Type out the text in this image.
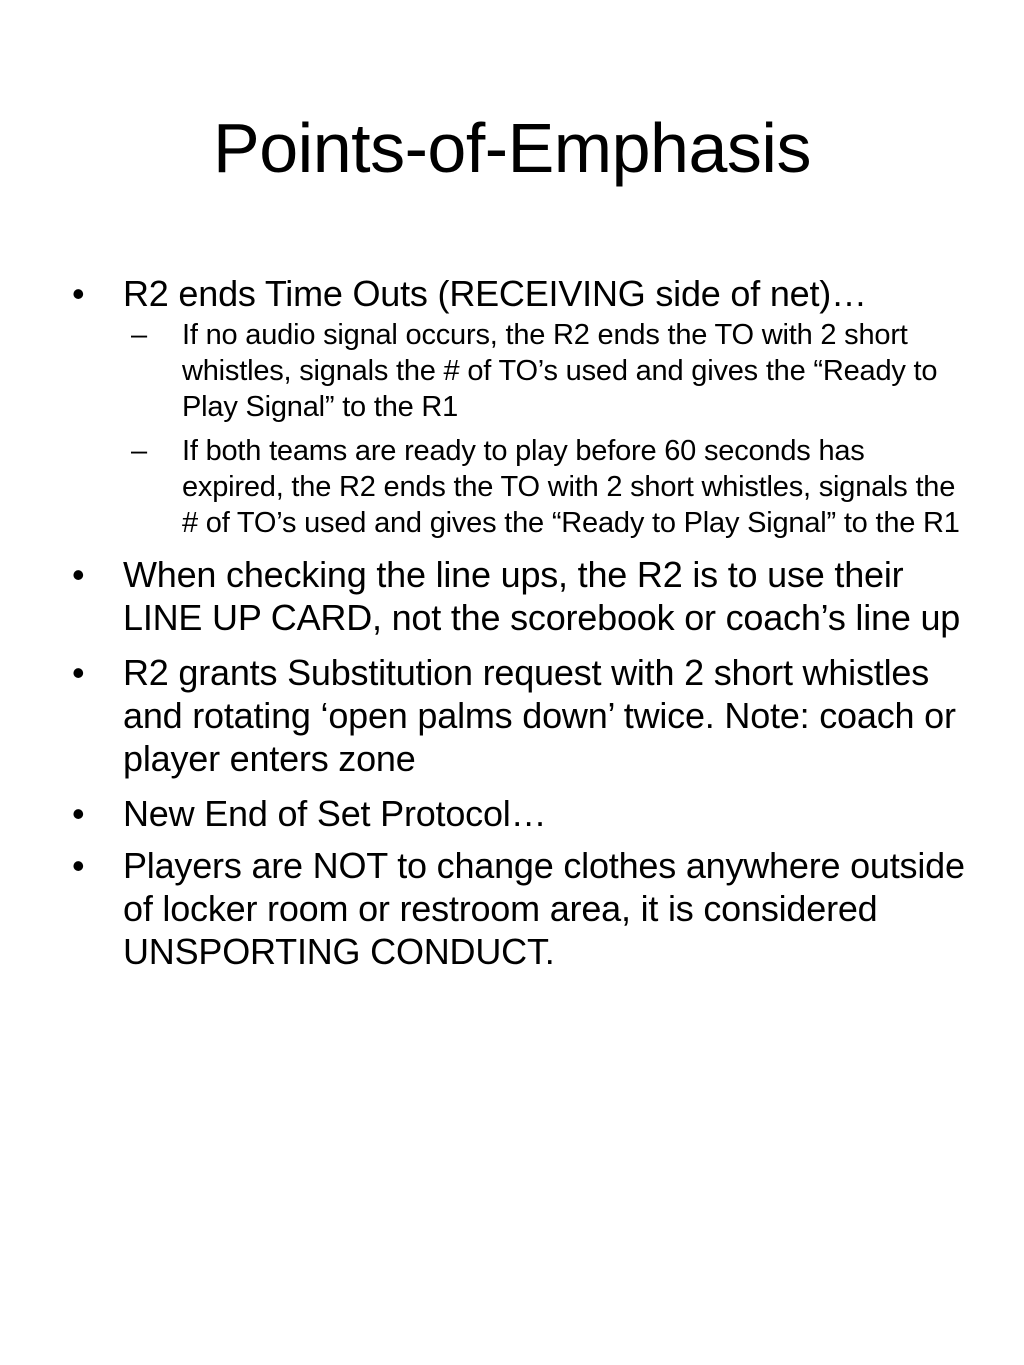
Points-of-Emphasis
•	R2 ends Time Outs (RECEIVING side of net)…
–	If no audio signal occurs, the R2 ends the TO with 2 short whistles, signals the # of TO’s used and gives the “Ready to Play Signal” to the R1
–	If both teams are ready to play before 60 seconds has expired, the R2 ends the TO with 2 short whistles, signals the # of TO’s used and gives the “Ready to Play Signal” to the R1
•	When checking the line ups, the R2 is to use their LINE UP CARD, not the scorebook or coach’s line up
•	R2 grants Substitution request with 2 short whistles and rotating ‘open palms down’ twice. Note: coach or player enters zone
•	New End of Set Protocol…
•	Players are NOT to change clothes anywhere outside of locker room or restroom area, it is considered UNSPORTING CONDUCT.
